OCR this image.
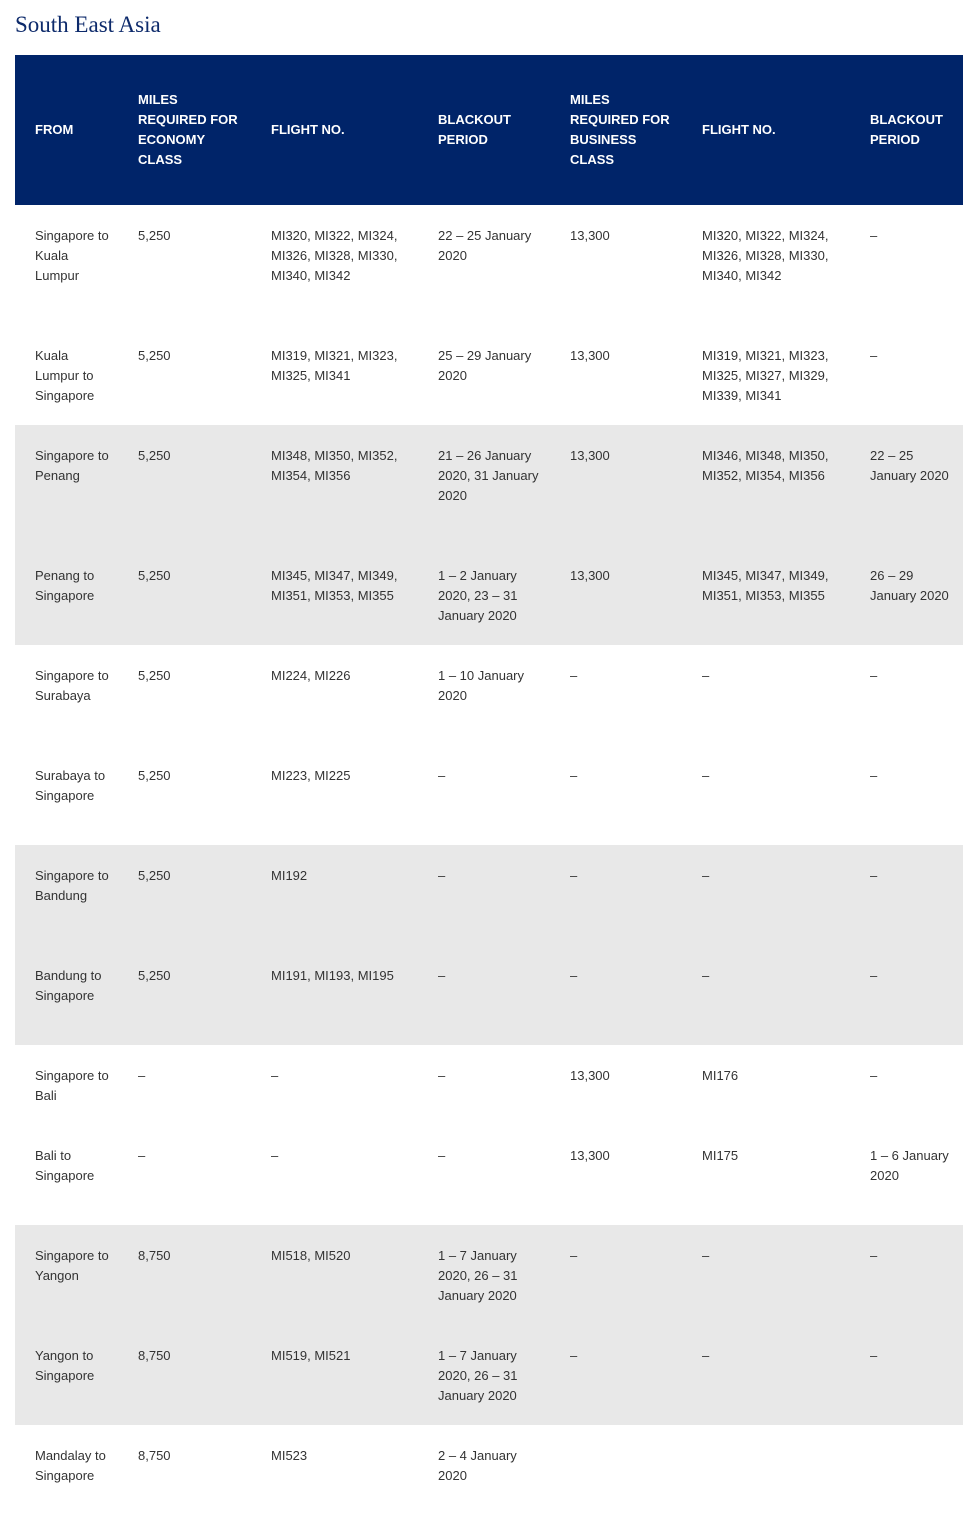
South East Asia
FROM	MILES REQUIRED FOR ECONOMY CLASS	FLIGHT NO.	BLACKOUT PERIOD	MILES REQUIRED FOR BUSINESS CLASS	FLIGHT NO.	BLACKOUT PERIOD
Singapore to Kuala Lumpur	5,250	MI320, MI322, MI324, MI326, MI328, MI330, MI340, MI342	22 – 25 January 2020	13,300	MI320, MI322, MI324, MI326, MI328, MI330, MI340, MI342	–
Kuala Lumpur to Singapore	5,250	MI319, MI321, MI323, MI325, MI341	25 – 29 January 2020	13,300	MI319, MI321, MI323, MI325, MI327, MI329, MI339, MI341	–
Singapore to Penang	5,250	MI348, MI350, MI352, MI354, MI356	21 – 26 January 2020, 31 January 2020	13,300	MI346, MI348, MI350, MI352, MI354, MI356	22 – 25 January 2020
Penang to Singapore	5,250	MI345, MI347, MI349, MI351, MI353, MI355	1 – 2 January 2020, 23 – 31 January 2020	13,300	MI345, MI347, MI349, MI351, MI353, MI355	26 – 29 January 2020
Singapore to Surabaya	5,250	MI224, MI226	1 – 10 January 2020	–	–	–
Surabaya to Singapore	5,250	MI223, MI225	–	–	–	–
Singapore to Bandung	5,250	MI192	–	–	–	–
Bandung to Singapore	5,250	MI191, MI193, MI195	–	–	–	–
Singapore to Bali	–	–	–	13,300	MI176	–
Bali to Singapore	–	–	–	13,300	MI175	1 – 6 January 2020
Singapore to Yangon	8,750	MI518, MI520	1 – 7 January 2020, 26 – 31 January 2020	–	–	–
Yangon to Singapore	8,750	MI519, MI521	1 – 7 January 2020, 26 – 31 January 2020	–	–	–
Mandalay to Singapore	8,750	MI523	2 – 4 January 2020			
